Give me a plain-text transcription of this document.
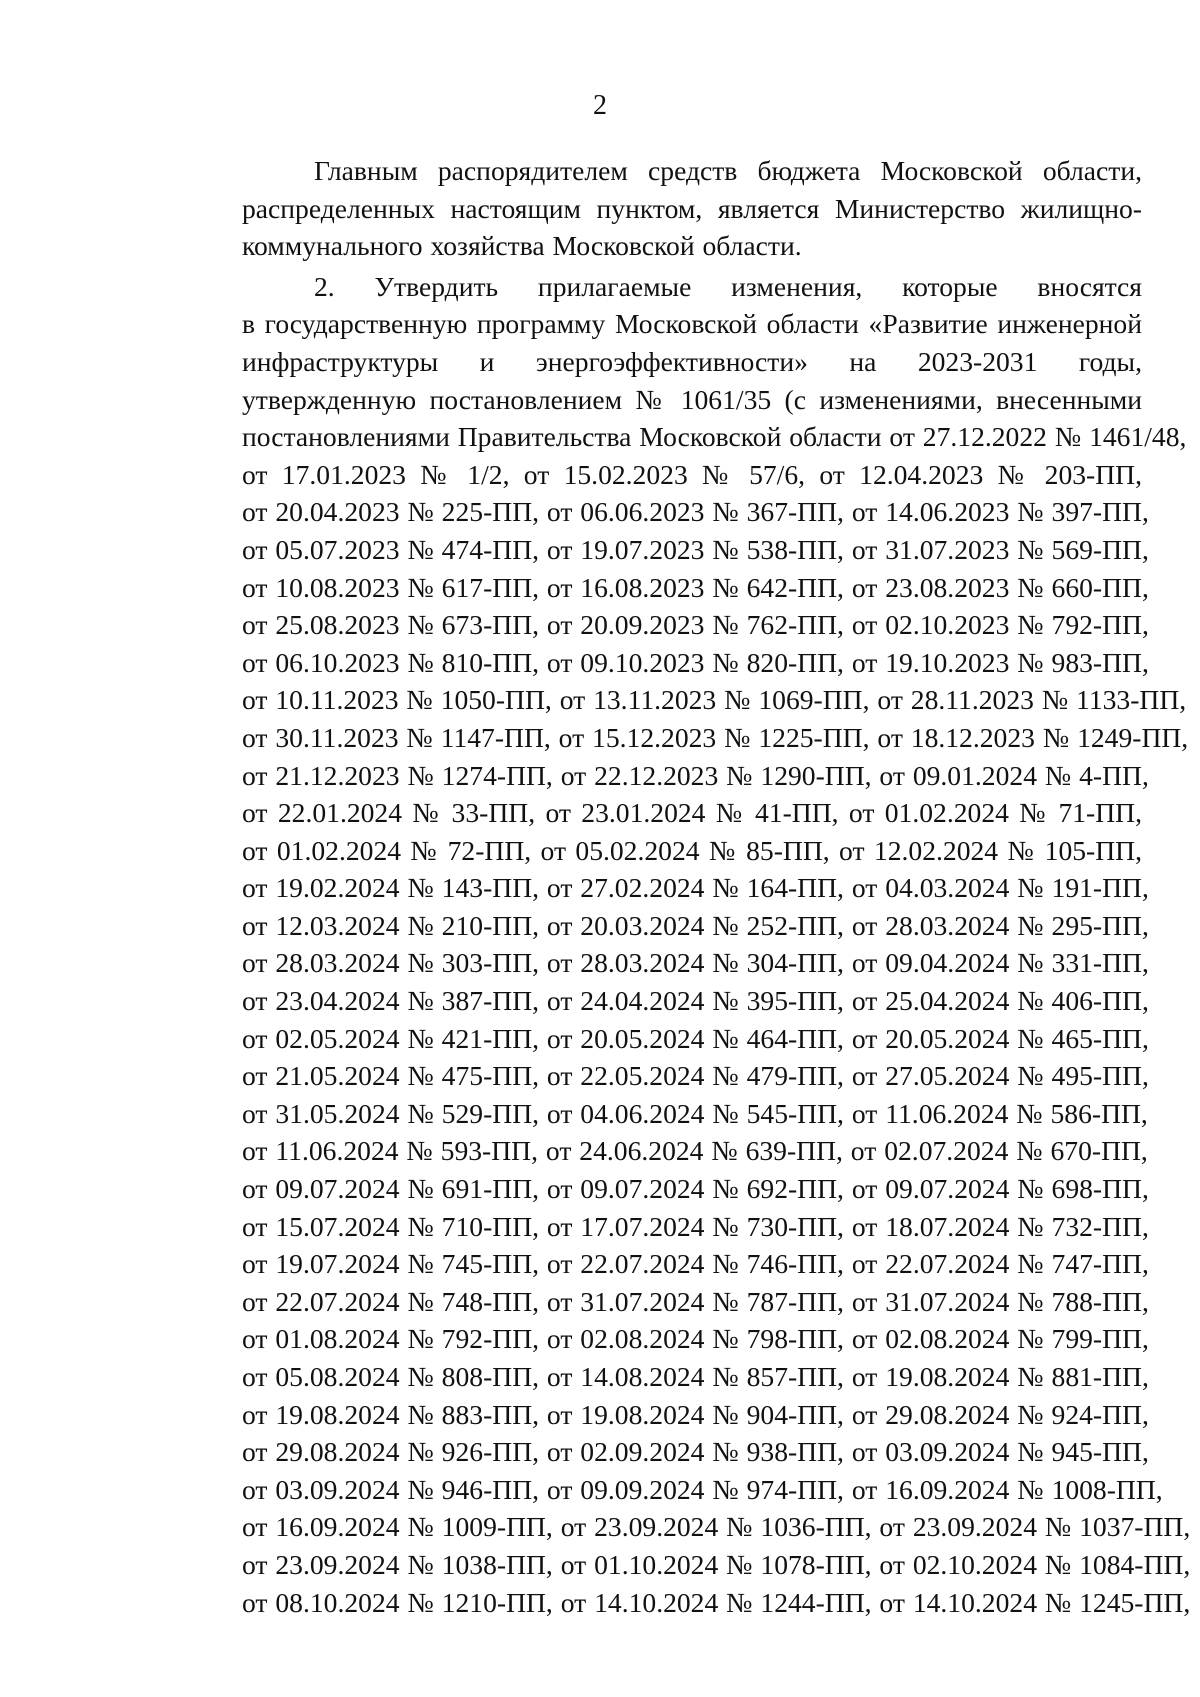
2
Главным распорядителем средств бюджета Московской области,
распределенных настоящим пунктом, является Министерство жилищно-
коммунального хозяйства Московской области.
2. Утвердить прилагаемые изменения, которые вносятся
в государственную программу Московской области «Развитие инженерной
инфраструктуры и энергоэффективности» на 2023-2031 годы,
утвержденную постановлением № 1061/35 (с изменениями, внесенными
постановлениями Правительства Московской области от 27.12.2022 № 1461/48,
от 17.01.2023 № 1/2, от 15.02.2023 № 57/6, от 12.04.2023 № 203-ПП,
от 20.04.2023 № 225-ПП, от 06.06.2023 № 367-ПП, от 14.06.2023 № 397-ПП,
от 05.07.2023 № 474-ПП, от 19.07.2023 № 538-ПП, от 31.07.2023 № 569-ПП,
от 10.08.2023 № 617-ПП, от 16.08.2023 № 642-ПП, от 23.08.2023 № 660-ПП,
от 25.08.2023 № 673-ПП, от 20.09.2023 № 762-ПП, от 02.10.2023 № 792-ПП,
от 06.10.2023 № 810-ПП, от 09.10.2023 № 820-ПП, от 19.10.2023 № 983-ПП,
от 10.11.2023 № 1050-ПП, от 13.11.2023 № 1069-ПП, от 28.11.2023 № 1133-ПП,
от 30.11.2023 № 1147-ПП, от 15.12.2023 № 1225-ПП, от 18.12.2023 № 1249-ПП,
от 21.12.2023 № 1274-ПП, от 22.12.2023 № 1290-ПП, от 09.01.2024 № 4-ПП,
от 22.01.2024 № 33-ПП, от 23.01.2024 № 41-ПП, от 01.02.2024 № 71-ПП,
от 01.02.2024 № 72-ПП, от 05.02.2024 № 85-ПП, от 12.02.2024 № 105-ПП,
от 19.02.2024 № 143-ПП, от 27.02.2024 № 164-ПП, от 04.03.2024 № 191-ПП,
от 12.03.2024 № 210-ПП, от 20.03.2024 № 252-ПП, от 28.03.2024 № 295-ПП,
от 28.03.2024 № 303-ПП, от 28.03.2024 № 304-ПП, от 09.04.2024 № 331-ПП,
от 23.04.2024 № 387-ПП, от 24.04.2024 № 395-ПП, от 25.04.2024 № 406-ПП,
от 02.05.2024 № 421-ПП, от 20.05.2024 № 464-ПП, от 20.05.2024 № 465-ПП,
от 21.05.2024 № 475-ПП, от 22.05.2024 № 479-ПП, от 27.05.2024 № 495-ПП,
от 31.05.2024 № 529-ПП, от 04.06.2024 № 545-ПП, от 11.06.2024 № 586-ПП,
от 11.06.2024 № 593-ПП, от 24.06.2024 № 639-ПП, от 02.07.2024 № 670-ПП,
от 09.07.2024 № 691-ПП, от 09.07.2024 № 692-ПП, от 09.07.2024 № 698-ПП,
от 15.07.2024 № 710-ПП, от 17.07.2024 № 730-ПП, от 18.07.2024 № 732-ПП,
от 19.07.2024 № 745-ПП, от 22.07.2024 № 746-ПП, от 22.07.2024 № 747-ПП,
от 22.07.2024 № 748-ПП, от 31.07.2024 № 787-ПП, от 31.07.2024 № 788-ПП,
от 01.08.2024 № 792-ПП, от 02.08.2024 № 798-ПП, от 02.08.2024 № 799-ПП,
от 05.08.2024 № 808-ПП, от 14.08.2024 № 857-ПП, от 19.08.2024 № 881-ПП,
от 19.08.2024 № 883-ПП, от 19.08.2024 № 904-ПП, от 29.08.2024 № 924-ПП,
от 29.08.2024 № 926-ПП, от 02.09.2024 № 938-ПП, от 03.09.2024 № 945-ПП,
от 03.09.2024 № 946-ПП, от 09.09.2024 № 974-ПП, от 16.09.2024 № 1008-ПП,
от 16.09.2024 № 1009-ПП, от 23.09.2024 № 1036-ПП, от 23.09.2024 № 1037-ПП,
от 23.09.2024 № 1038-ПП, от 01.10.2024 № 1078-ПП, от 02.10.2024 № 1084-ПП,
от 08.10.2024 № 1210-ПП, от 14.10.2024 № 1244-ПП, от 14.10.2024 № 1245-ПП,
